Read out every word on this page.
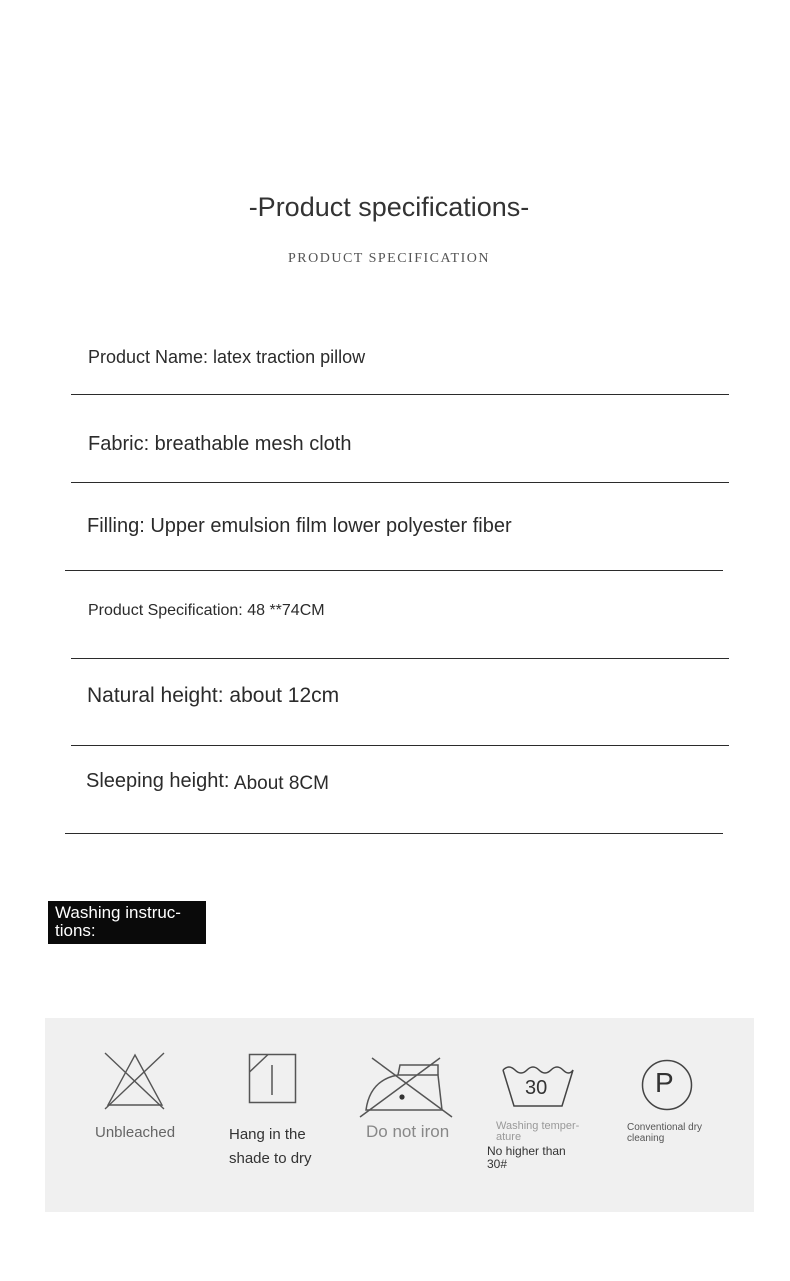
-Product specifications-
PRODUCT SPECIFICATION
Product Name: latex traction pillow
Fabric: breathable mesh cloth
Filling: Upper emulsion film lower polyester fiber
Product Specification: 48 **74CM
Natural height: about 12cm
Sleeping height: About 8CM
Washing instruc-
tions:
Unbleached	Hang in the
shade to dry
Do not iron
30
Washing temper-
ature
No higher than
30#
P
Conventional dry
cleaning
